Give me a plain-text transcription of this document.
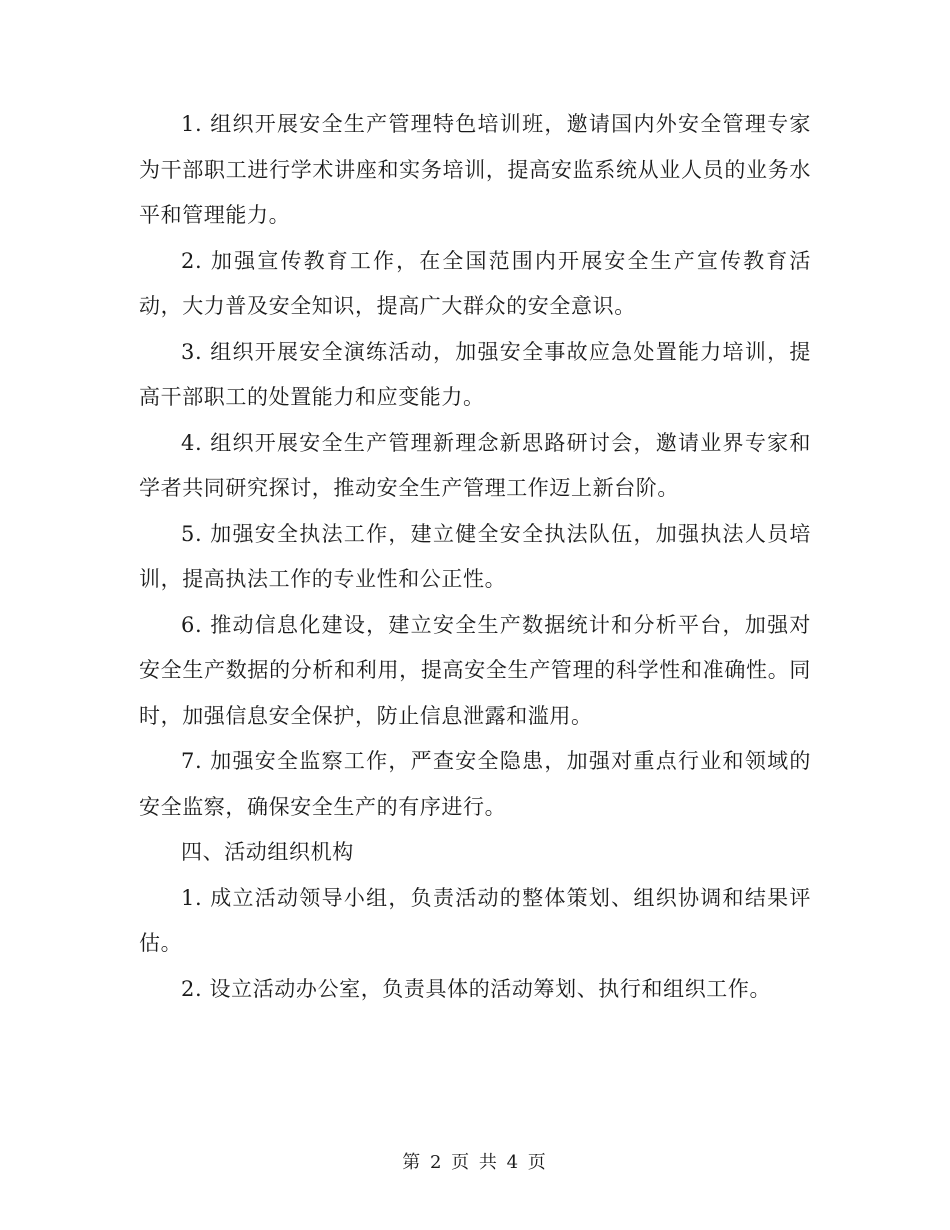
1. 组织开展安全生产管理特色培训班，邀请国内外安全管理专家为干部职工进行学术讲座和实务培训，提高安监系统从业人员的业务水平和管理能力。

2. 加强宣传教育工作，在全国范围内开展安全生产宣传教育活动，大力普及安全知识，提高广大群众的安全意识。

3. 组织开展安全演练活动，加强安全事故应急处置能力培训，提高干部职工的处置能力和应变能力。

4. 组织开展安全生产管理新理念新思路研讨会，邀请业界专家和学者共同研究探讨，推动安全生产管理工作迈上新台阶。

5. 加强安全执法工作，建立健全安全执法队伍，加强执法人员培训，提高执法工作的专业性和公正性。

6. 推动信息化建设，建立安全生产数据统计和分析平台，加强对安全生产数据的分析和利用，提高安全生产管理的科学性和准确性。同时，加强信息安全保护，防止信息泄露和滥用。

7. 加强安全监察工作，严查安全隐患，加强对重点行业和领域的安全监察，确保安全生产的有序进行。

四、活动组织机构

1. 成立活动领导小组，负责活动的整体策划、组织协调和结果评估。

2. 设立活动办公室，负责具体的活动筹划、执行和组织工作。

第 2 页 共 4 页
